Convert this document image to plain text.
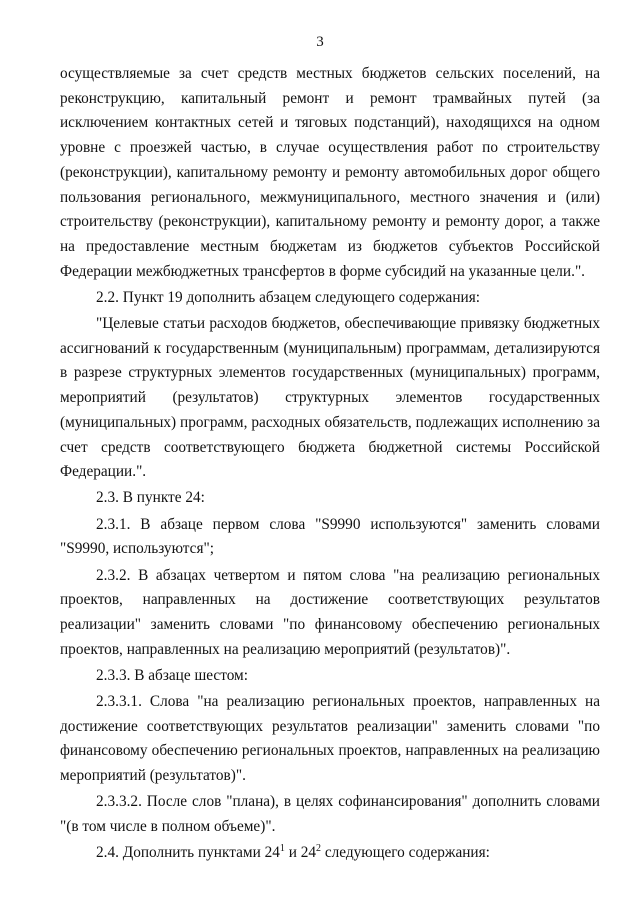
3

осуществляемые за счет средств местных бюджетов сельских поселений, на реконструкцию, капитальный ремонт и ремонт трамвайных путей (за исключением контактных сетей и тяговых подстанций), находящихся на одном уровне с проезжей частью, в случае осуществления работ по строительству (реконструкции), капитальному ремонту и ремонту автомобильных дорог общего пользования регионального, межмуниципального, местного значения и (или) строительству (реконструкции), капитальному ремонту и ремонту дорог, а также на предоставление местным бюджетам из бюджетов субъектов Российской Федерации межбюджетных трансфертов в форме субсидий на указанные цели.".

2.2. Пункт 19 дополнить абзацем следующего содержания:

"Целевые статьи расходов бюджетов, обеспечивающие привязку бюджетных ассигнований к государственным (муниципальным) программам, детализируются в разрезе структурных элементов государственных (муниципальных) программ, мероприятий (результатов) структурных элементов государственных (муниципальных) программ, расходных обязательств, подлежащих исполнению за счет средств соответствующего бюджета бюджетной системы Российской Федерации.".

2.3. В пункте 24:

2.3.1. В абзаце первом слова "S9990 используются" заменить словами "S9990, используются";

2.3.2. В абзацах четвертом и пятом слова "на реализацию региональных проектов, направленных на достижение соответствующих результатов реализации" заменить словами "по финансовому обеспечению региональных проектов, направленных на реализацию мероприятий (результатов)".

2.3.3. В абзаце шестом:

2.3.3.1. Слова "на реализацию региональных проектов, направленных на достижение соответствующих результатов реализации" заменить словами "по финансовому обеспечению региональных проектов, направленных на реализацию мероприятий (результатов)".

2.3.3.2. После слов "плана), в целях софинансирования" дополнить словами "(в том числе в полном объеме)".

2.4. Дополнить пунктами $24^1$ и $24^2$ следующего содержания:
